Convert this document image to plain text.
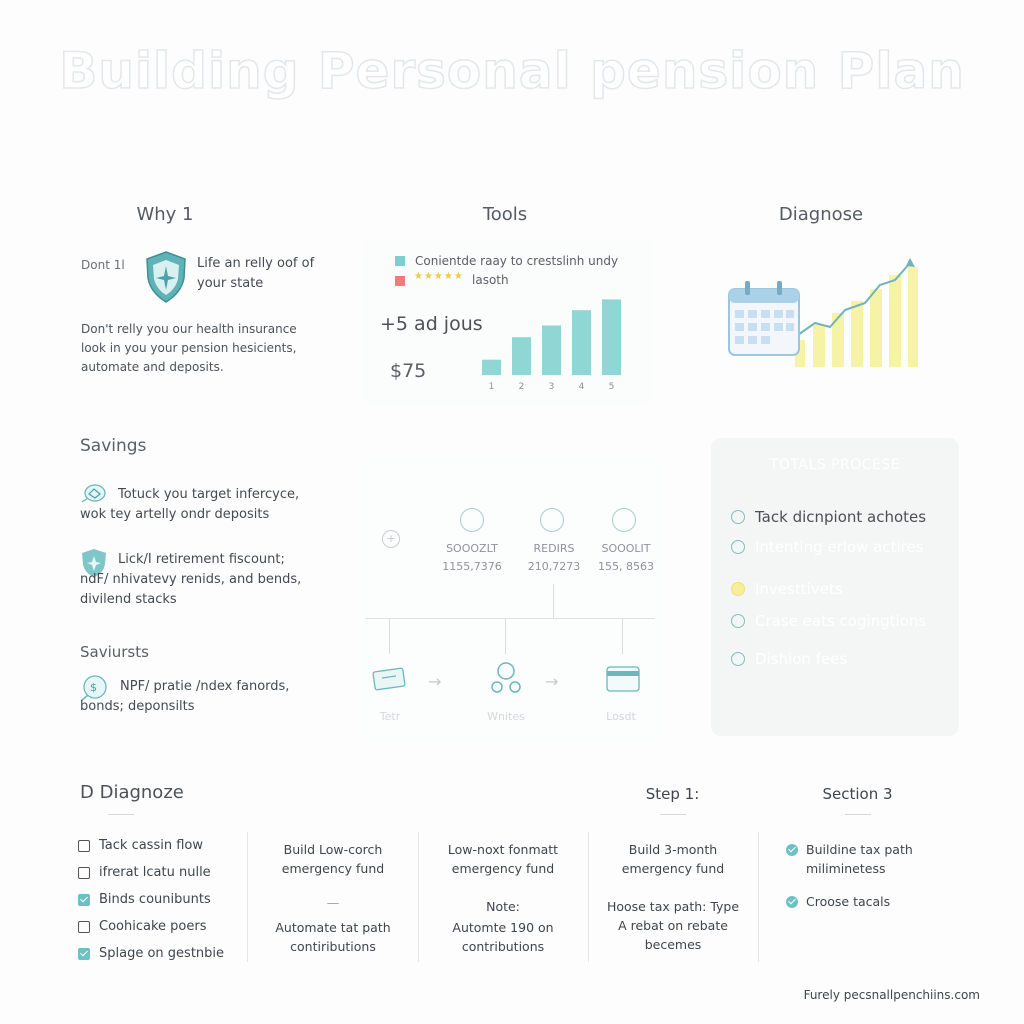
Building Personal pension Plan
Why 1	Tools	Diagnose
Dont 1l	Life an relly oof of your state
Don't relly you our health insurance look in you your pension hesicients, automate and deposits.
Conientde raay to crestslinh undy
★★★★★ lasoth
+5 ad jous
$75
1	2	3	4	5
Savings
Totuck you target infercyce, wok tey artelly ondr deposits
Lick/I retirement fiscount; ndF/ nhivatevy renids, and bends, divilend stacks
Saviursts
$	NPF/ pratie /ndex fanords, bonds; deponsilts
+
SOOOZLT
1155,7376
REDIRS
210,7273
SOOOLIT
155, 8563
→	→
Tetr	Wnites	Losdt
TOTALS PROCESE
Tack dicnpiont achotes
Intenting erlow actires
Investtivets
Crase eats cogingtions
Dishion fees
D Diagnoze	Step 1:	Section 3
Tack cassin flow
ifrerat lcatu nulle
Binds counibunts
Coohicake poers
Splage on gestnbie
Build Low-corch emergency fund
—
Automate tat path contiributions
Low-noxt fonmatt emergency fund
Note:
Automte 190 on contributions
Build 3-month emergency fund
Hoose tax path: Type A rebat on rebate becemes
Buildine tax path miliminetess
Croose tacals
Furely pecsnallpenchiins.com
